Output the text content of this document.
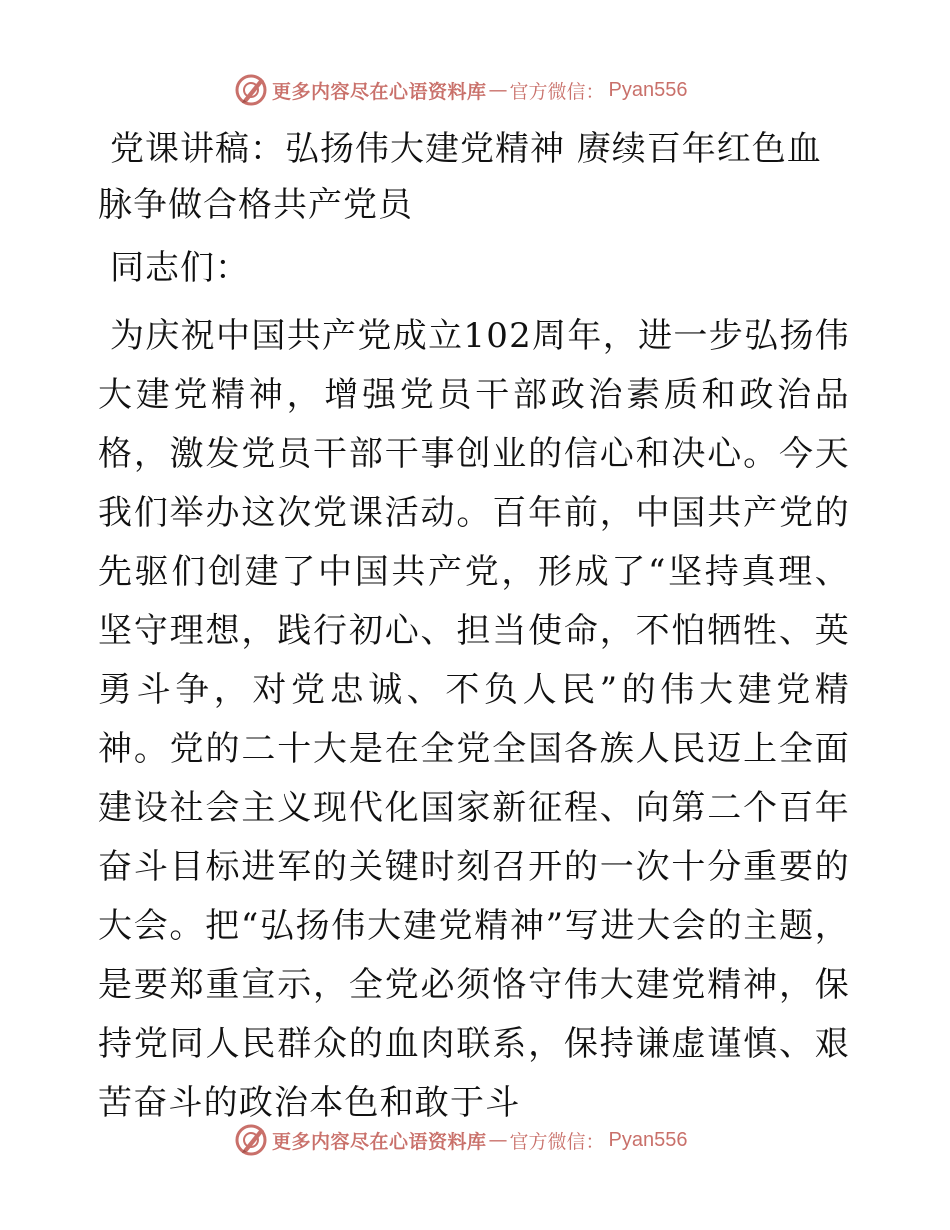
更多内容尽在心语资料库 — 官方微信： Pyan556
党课讲稿：弘扬伟大建党精神 赓续百年红色血脉争做合格共产党员

同志们：

为庆祝中国共产党成立102周年，进一步弘扬伟大建党精神，增强党员干部政治素质和政治品格，激发党员干部干事创业的信心和决心。今天我们举办这次党课活动。百年前，中国共产党的先驱们创建了中国共产党，形成了“坚持真理、坚守理想，践行初心、担当使命，不怕牺牲、英勇斗争，对党忠诚、不负人民”的伟大建党精神。党的二十大是在全党全国各族人民迈上全面建设社会主义现代化国家新征程、向第二个百年奋斗目标进军的关键时刻召开的一次十分重要的大会。把“弘扬伟大建党精神”写进大会的主题，是要郑重宣示，全党必须恪守伟大建党精神，保持党同人民群众的血肉联系，保持谦虚谨慎、艰苦奋斗的政治本色和敢于斗

更多内容尽在心语资料库 — 官方微信： Pyan556
